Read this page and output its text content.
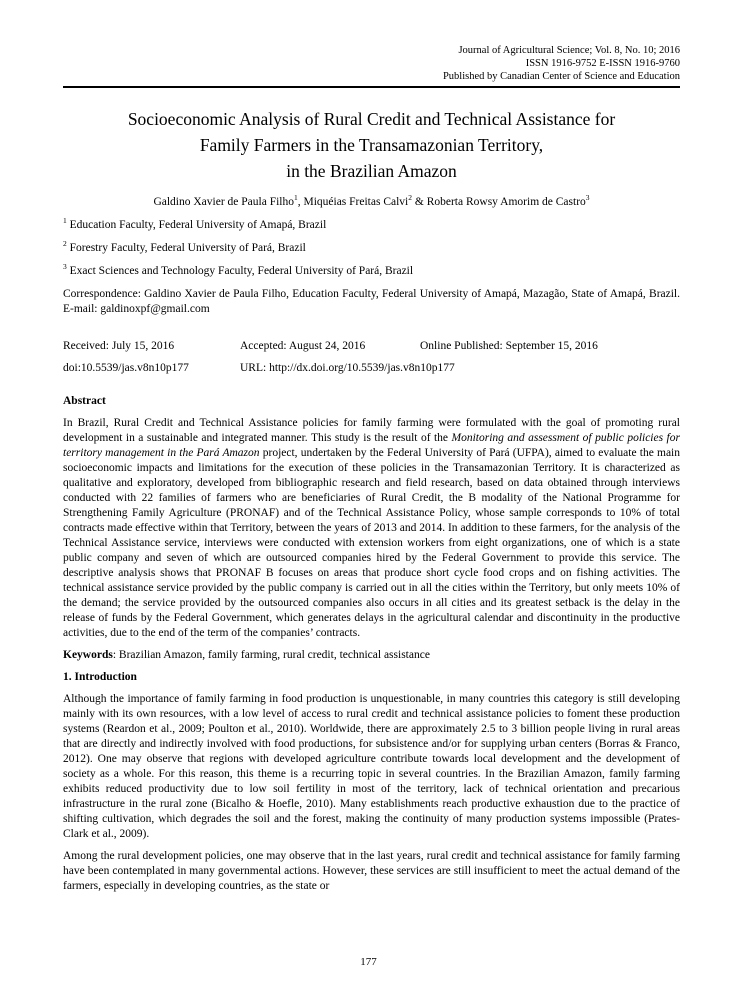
Journal of Agricultural Science; Vol. 8, No. 10; 2016
ISSN 1916-9752 E-ISSN 1916-9760
Published by Canadian Center of Science and Education
Socioeconomic Analysis of Rural Credit and Technical Assistance for
Family Farmers in the Transamazonian Territory,
in the Brazilian Amazon
Galdino Xavier de Paula Filho$^1$, Miquéias Freitas Calvi$^2$ & Roberta Rowsy Amorim de Castro$^3$
$^1$ Education Faculty, Federal University of Amapá, Brazil
$^2$ Forestry Faculty, Federal University of Pará, Brazil
$^3$ Exact Sciences and Technology Faculty, Federal University of Pará, Brazil

Correspondence: Galdino Xavier de Paula Filho, Education Faculty, Federal University of Amapá, Mazagão, State of Amapá, Brazil. E-mail: galdinoxpf@gmail.com

Received: July 15, 2016	Accepted: August 24, 2016	Online Published: September 15, 2016
doi:10.5539/jas.v8n10p177	URL: http://dx.doi.org/10.5539/jas.v8n10p177
Abstract

In Brazil, Rural Credit and Technical Assistance policies for family farming were formulated with the goal of promoting rural development in a sustainable and integrated manner. This study is the result of the Monitoring and assessment of public policies for territory management in the Pará Amazon project, undertaken by the Federal University of Pará (UFPA), aimed to evaluate the main socioeconomic impacts and limitations for the execution of these policies in the Transamazonian Territory. It is characterized as qualitative and exploratory, developed from bibliographic research and field research, based on data obtained through interviews conducted with 22 families of farmers who are beneficiaries of Rural Credit, the B modality of the National Programme for Strengthening Family Agriculture (PRONAF) and of the Technical Assistance Policy, whose sample corresponds to 10% of total contracts made effective within that Territory, between the years of 2013 and 2014. In addition to these farmers, for the analysis of the Technical Assistance service, interviews were conducted with extension workers from eight organizations, one of which is a state public company and seven of which are outsourced companies hired by the Federal Government to provide this service. The descriptive analysis shows that PRONAF B focuses on areas that produce short cycle food crops and on fishing activities. The technical assistance service provided by the public company is carried out in all the cities within the Territory, but only meets 10% of the demand; the service provided by the outsourced companies also occurs in all cities and its greatest setback is the delay in the release of funds by the Federal Government, which generates delays in the agricultural calendar and discontinuity in the productive activities, due to the end of the term of the companies’ contracts.

Keywords: Brazilian Amazon, family farming, rural credit, technical assistance

1. Introduction

Although the importance of family farming in food production is unquestionable, in many countries this category is still developing mainly with its own resources, with a low level of access to rural credit and technical assistance policies to foment these production systems (Reardon et al., 2009; Poulton et al., 2010). Worldwide, there are approximately 2.5 to 3 billion people living in rural areas that are directly and indirectly involved with food productions, for subsistence and/or for supplying urban centers (Borras & Franco, 2012). One may observe that regions with developed agriculture contribute towards local development and the development of society as a whole. For this reason, this theme is a recurring topic in several countries. In the Brazilian Amazon, family farming exhibits reduced productivity due to low soil fertility in most of the territory, lack of technical orientation and precarious infrastructure in the rural zone (Bicalho & Hoefle, 2010). Many establishments reach productive exhaustion due to the practice of shifting cultivation, which degrades the soil and the forest, making the continuity of many production systems impossible (Prates-Clark et al., 2009).

Among the rural development policies, one may observe that in the last years, rural credit and technical assistance for family farming have been contemplated in many governmental actions. However, these services are still insufficient to meet the actual demand of the farmers, especially in developing countries, as the state or

177
